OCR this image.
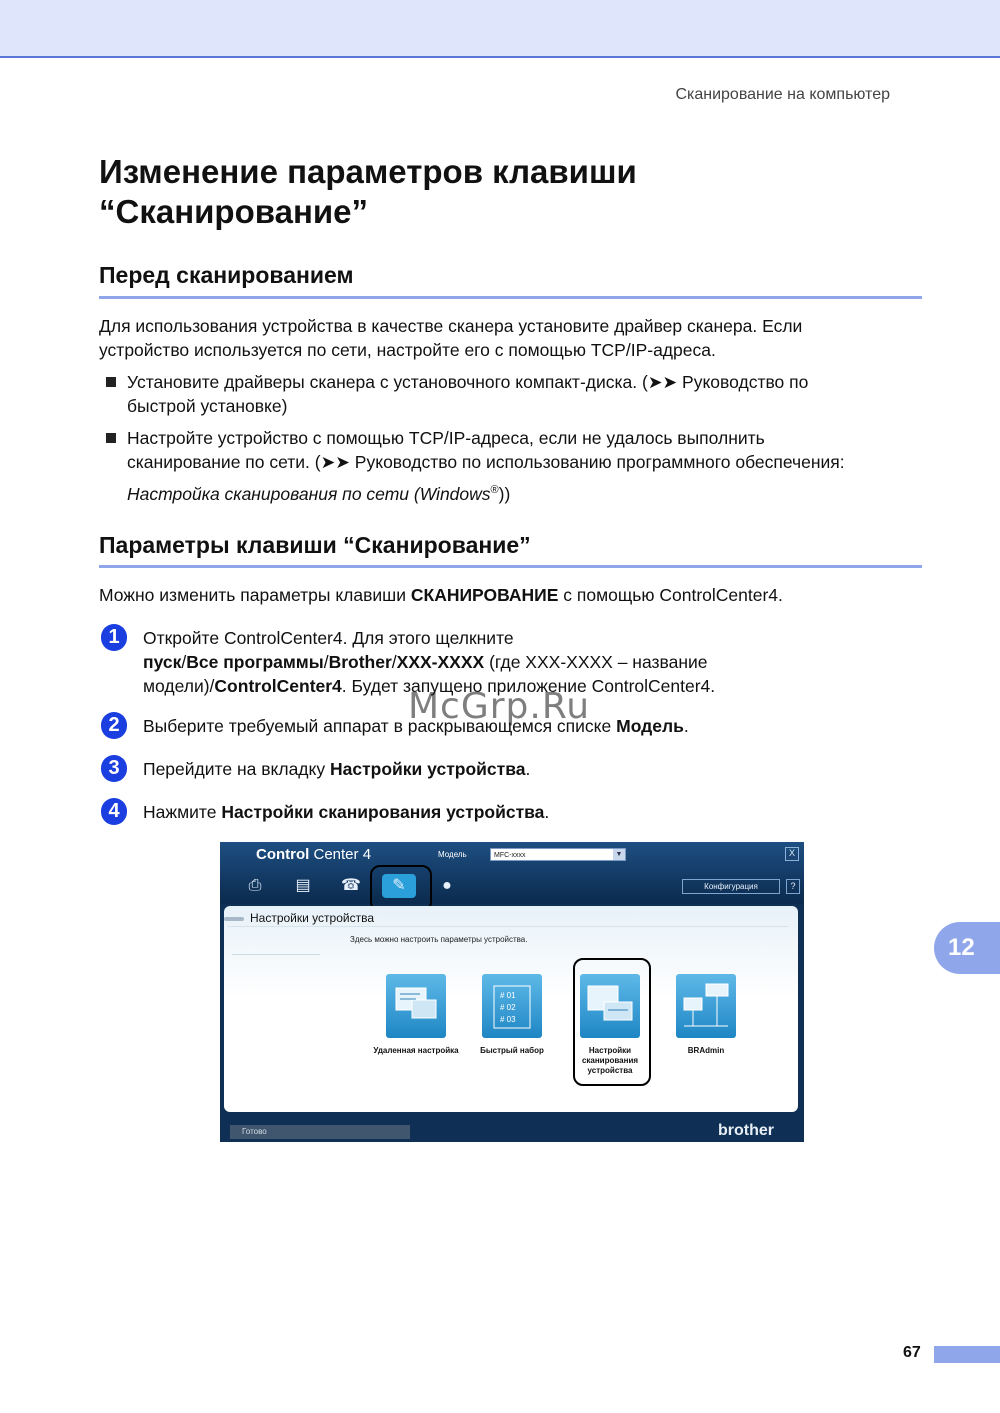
Сканирование на компьютер
Изменение параметров клавиши
“Сканирование”
Перед сканированием
Для использования устройства в качестве сканера установите драйвер сканера. Если
устройство используется по сети, настройте его с помощью TCP/IP-адреса.
Установите драйверы сканера с установочного компакт-диска. (➤➤ Руководство по
быстрой установке)
Настройте устройство с помощью TCP/IP-адреса, если не удалось выполнить
сканирование по сети. (➤➤ Руководство по использованию программного обеспечения:
Настройка сканирования по сети (Windows®))
Параметры клавиши “Сканирование”
Можно изменить параметры клавиши СКАНИРОВАНИЕ с помощью ControlCenter4.
1	Откройте ControlCenter4. Для этого щелкните
пуск/Все программы/Brother/XXX-XXXX (где XXX-XXXX – название
модели)/ControlCenter4. Будет запущено приложение ControlCenter4.
2	Выберите требуемый аппарат в раскрывающемся списке Модель.
3	Перейдите на вкладку Настройки устройства.
4	Нажмите Настройки сканирования устройства.
McGrp.Ru
Control Center 4	Модель	MFC-xxxx	▼	X
⎙	▤	☎	✎	●	Конфигурация	?
Настройки устройства
Здесь можно настроить параметры устройства.
Удаленная настройка
# 01
# 02
# 03
Быстрый набор	Настройки сканирования устройства
BRAdmin
Готово	brother
12
67
